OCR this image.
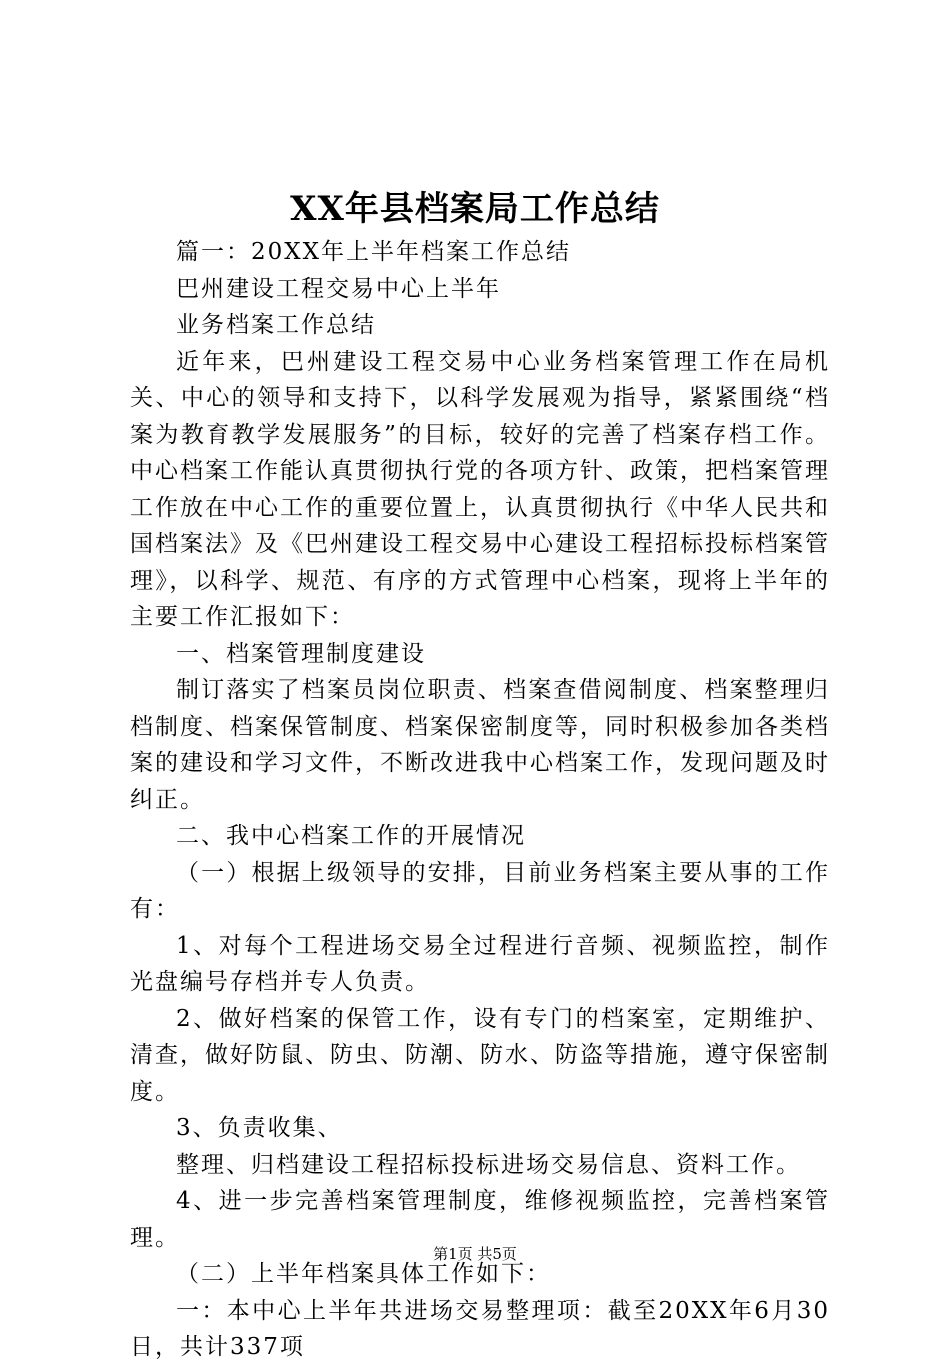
XX年县档案局工作总结

篇一：20XX年上半年档案工作总结

巴州建设工程交易中心上半年

业务档案工作总结

近年来，巴州建设工程交易中心业务档案管理工作在局机关、中心的领导和支持下，以科学发展观为指导，紧紧围绕“档案为教育教学发展服务”的目标，较好的完善了档案存档工作。中心档案工作能认真贯彻执行党的各项方针、政策，把档案管理工作放在中心工作的重要位置上，认真贯彻执行《中华人民共和国档案法》及《巴州建设工程交易中心建设工程招标投标档案管理》，以科学、规范、有序的方式管理中心档案，现将上半年的主要工作汇报如下：

一、档案管理制度建设

制订落实了档案员岗位职责、档案查借阅制度、档案整理归档制度、档案保管制度、档案保密制度等，同时积极参加各类档案的建设和学习文件，不断改进我中心档案工作，发现问题及时纠正。

二、我中心档案工作的开展情况

（一）根据上级领导的安排，目前业务档案主要从事的工作有：

1、对每个工程进场交易全过程进行音频、视频监控，制作光盘编号存档并专人负责。

2、做好档案的保管工作，设有专门的档案室，定期维护、清查，做好防鼠、防虫、防潮、防水、防盗等措施，遵守保密制度。

3、负责收集、

整理、归档建设工程招标投标进场交易信息、资料工作。

4、进一步完善档案管理制度，维修视频监控，完善档案管理。

（二）上半年档案具体工作如下：

一：本中心上半年共进场交易整理项：截至20XX年6月30日，共计337项

第1页 共5页
